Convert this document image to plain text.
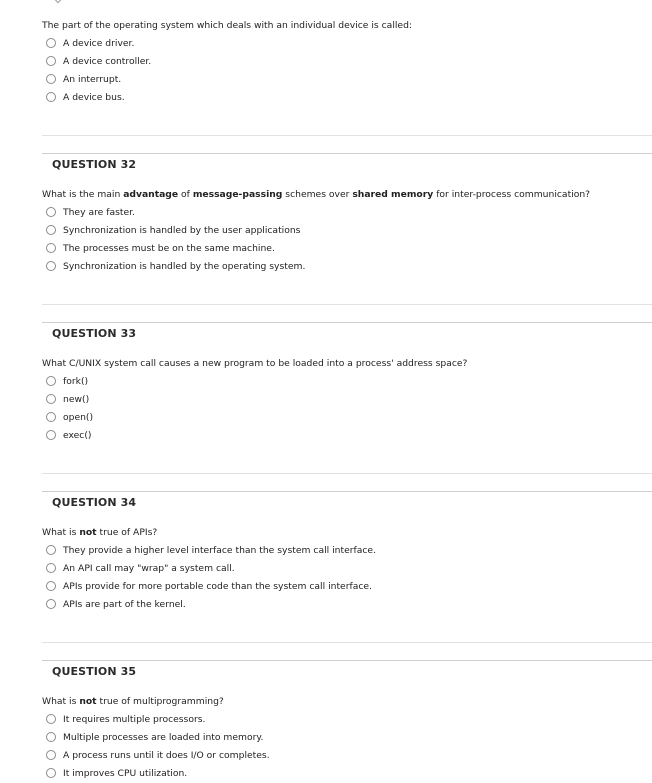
The part of the operating system which deals with an individual device is called:
A device driver.
A device controller.
An interrupt.
A device bus.
QUESTION 32
What is the main advantage of message-passing schemes over shared memory for inter-process communication?
They are faster.
Synchronization is handled by the user applications
The processes must be on the same machine.
Synchronization is handled by the operating system.
QUESTION 33
What C/UNIX system call causes a new program to be loaded into a process' address space?
fork()
new()
open()
exec()
QUESTION 34
What is not true of APIs?
They provide a higher level interface than the system call interface.
An API call may "wrap" a system call.
APIs provide for more portable code than the system call interface.
APIs are part of the kernel.
QUESTION 35
What is not true of multiprogramming?
It requires multiple processors.
Multiple processes are loaded into memory.
A process runs until it does I/O or completes.
It improves CPU utilization.
